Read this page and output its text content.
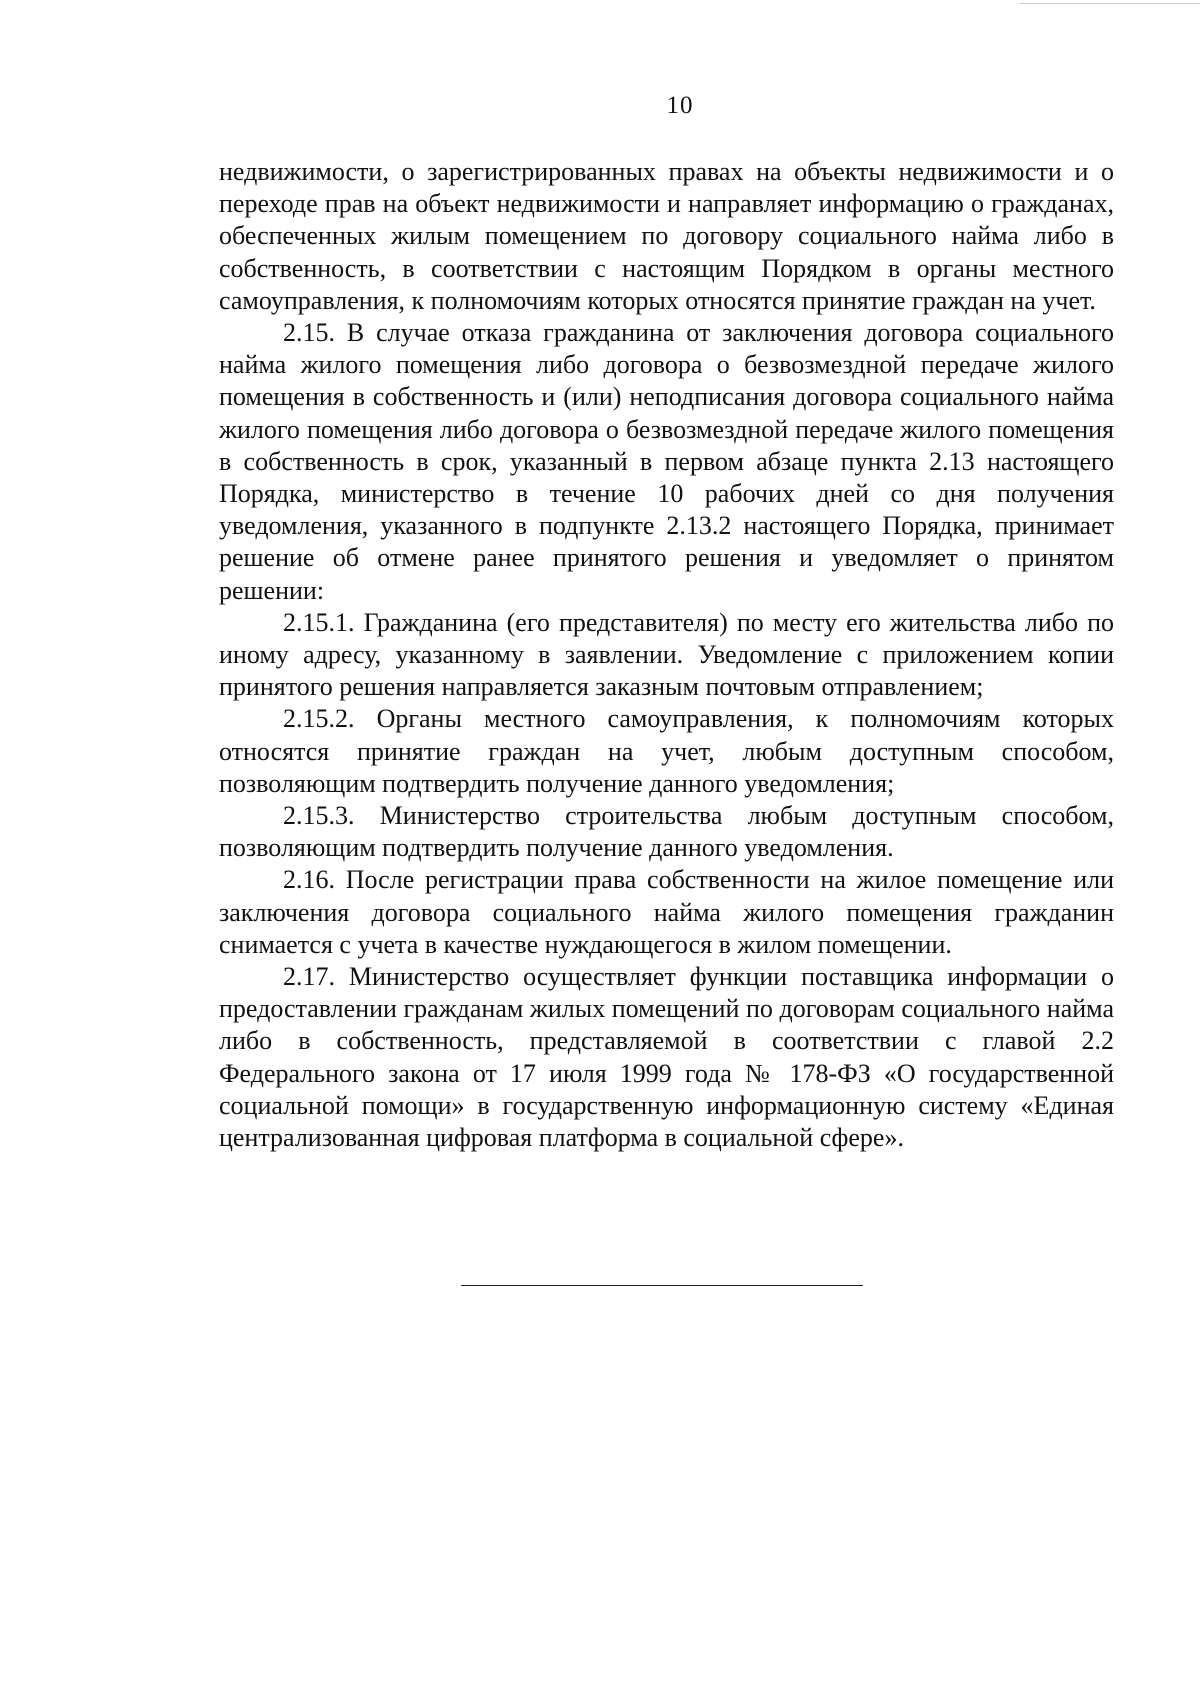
10

недвижимости, о зарегистрированных правах на объекты недвижимости и о переходе прав на объект недвижимости и направляет информацию о гражданах, обеспеченных жилым помещением по договору социального найма либо в собственность, в соответствии с настоящим Порядком в органы местного самоуправления, к полномочиям которых относятся принятие граждан на учет.

2.15. В случае отказа гражданина от заключения договора социального найма жилого помещения либо договора о безвозмездной передаче жилого помещения в собственность и (или) неподписания договора социального найма жилого помещения либо договора о безвозмездной передаче жилого помещения в собственность в срок, указанный в первом абзаце пункта 2.13 настоящего Порядка, министерство в течение 10 рабочих дней со дня получения уведомления, указанного в подпункте 2.13.2 настоящего Порядка, принимает решение об отмене ранее принятого решения и уведомляет о принятом решении:

2.15.1. Гражданина (его представителя) по месту его жительства либо по иному адресу, указанному в заявлении. Уведомление с приложением копии принятого решения направляется заказным почтовым отправлением;

2.15.2. Органы местного самоуправления, к полномочиям которых относятся принятие граждан на учет, любым доступным способом, позволяющим подтвердить получение данного уведомления;

2.15.3. Министерство строительства любым доступным способом, позволяющим подтвердить получение данного уведомления.

2.16. После регистрации права собственности на жилое помещение или заключения договора социального найма жилого помещения гражданин снимается с учета в качестве нуждающегося в жилом помещении.

2.17. Министерство осуществляет функции поставщика информации о предоставлении гражданам жилых помещений по договорам социального найма либо в собственность, представляемой в соответствии с главой 2.2 Федерального закона от 17 июля 1999 года № 178-ФЗ «О государственной социальной помощи» в государственную информационную систему «Единая централизованная цифровая платформа в социальной сфере».
